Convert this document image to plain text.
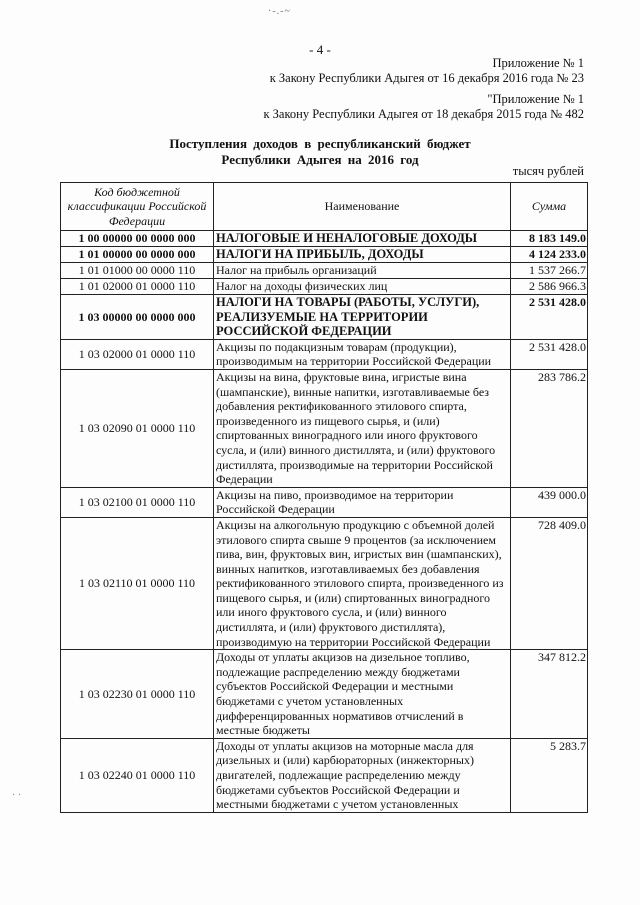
·-.-~
- 4 -
Приложение № 1
к Закону Республики Адыгея от 16 декабря 2016 года № 23
"Приложение № 1
к Закону Республики Адыгея от 18 декабря 2015 года № 482
Поступления доходов в республиканский бюджет
Республики Адыгея на 2016 год
тысяч рублей
Код бюджетной классификации Российской Федерации	Наименование	Сумма
1 00 00000 00 0000 000	НАЛОГОВЫЕ И НЕНАЛОГОВЫЕ ДОХОДЫ	8 183 149.0
1 01 00000 00 0000 000	НАЛОГИ НА ПРИБЫЛЬ, ДОХОДЫ	4 124 233.0
1 01 01000 00 0000 110	Налог на прибыль организаций	1 537 266.7
1 01 02000 01 0000 110	Налог на доходы физических лиц	2 586 966.3
1 03 00000 00 0000 000	НАЛОГИ НА ТОВАРЫ (РАБОТЫ, УСЛУГИ), РЕАЛИЗУЕМЫЕ НА ТЕРРИТОРИИ РОССИЙСКОЙ ФЕДЕРАЦИИ	2 531 428.0
1 03 02000 01 0000 110	Акцизы по подакцизным товарам (продукции), производимым на территории Российской Федерации	2 531 428.0
1 03 02090 01 0000 110	Акцизы на вина, фруктовые вина, игристые вина (шампанские), винные напитки, изготавливаемые без добавления ректификованного этилового спирта, произведенного из пищевого сырья, и (или) спиртованных виноградного или иного фруктового сусла, и (или) винного дистиллята, и (или) фруктового дистиллята, производимые на территории Российской Федерации	283 786.2
1 03 02100 01 0000 110	Акцизы на пиво, производимое на территории Российской Федерации	439 000.0
1 03 02110 01 0000 110	Акцизы на алкогольную продукцию с объемной долей этилового спирта свыше 9 процентов (за исключением пива, вин, фруктовых вин, игристых вин (шампанских), винных напитков, изготавливаемых без добавления ректификованного этилового спирта, произведенного из пищевого сырья, и (или) спиртованных виноградного или иного фруктового сусла, и (или) винного дистиллята, и (или) фруктового дистиллята), производимую на территории Российской Федерации	728 409.0
1 03 02230 01 0000 110	Доходы от уплаты акцизов на дизельное топливо, подлежащие распределению между бюджетами субъектов Российской Федерации и местными бюджетами с учетом установленных дифференцированных нормативов отчислений в местные бюджеты	347 812.2
1 03 02240 01 0000 110	Доходы от уплаты акцизов на моторные масла для дизельных и (или) карбюраторных (инжекторных) двигателей, подлежащие распределению между бюджетами субъектов Российской Федерации и местными бюджетами с учетом установленных	5 283.7
· ·
